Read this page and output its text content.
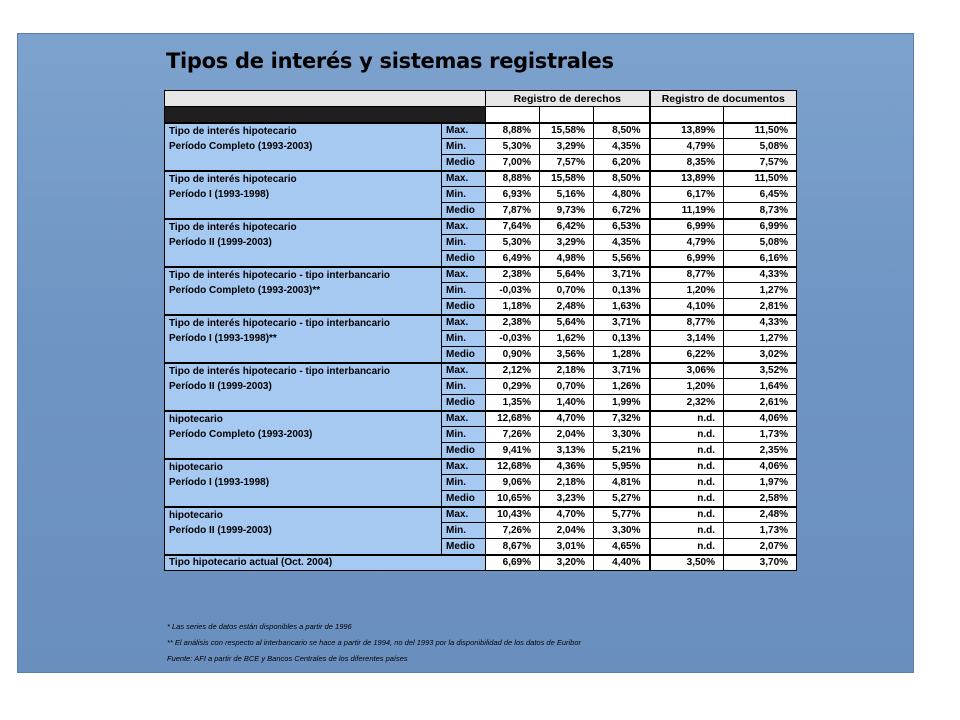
Tipos de interés y sistemas registrales
		Registro de derechos			Registro de documentos	
		RU *	España	Alemania	Italia *	Francia
Tipo de interés hipotecario	Max.	8,88%	15,58%	8,50%	13,89%	11,50%
Período Completo (1993-2003)	Min.	5,30%	3,29%	4,35%	4,79%	5,08%
	Medio	7,00%	7,57%	6,20%	8,35%	7,57%
Tipo de interés hipotecario	Max.	8,88%	15,58%	8,50%	13,89%	11,50%
Período I (1993-1998)	Min.	6,93%	5,16%	4,80%	6,17%	6,45%
	Medio	7,87%	9,73%	6,72%	11,19%	8,73%
Tipo de interés hipotecario	Max.	7,64%	6,42%	6,53%	6,99%	6,99%
Período II (1999-2003)	Min.	5,30%	3,29%	4,35%	4,79%	5,08%
	Medio	6,49%	4,98%	5,56%	6,99%	6,16%
Tipo de interés hipotecario - tipo interbancario	Max.	2,38%	5,64%	3,71%	8,77%	4,33%
Período Completo (1993-2003)**	Min.	-0,03%	0,70%	0,13%	1,20%	1,27%
	Medio	1,18%	2,48%	1,63%	4,10%	2,81%
Tipo de interés hipotecario - tipo interbancario	Max.	2,38%	5,64%	3,71%	8,77%	4,33%
Período I (1993-1998)**	Min.	-0,03%	1,62%	0,13%	3,14%	1,27%
	Medio	0,90%	3,56%	1,28%	6,22%	3,02%
Tipo de interés hipotecario - tipo interbancario	Max.	2,12%	2,18%	3,71%	3,06%	3,52%
Período II (1999-2003)	Min.	0,29%	0,70%	1,26%	1,20%	1,64%
	Medio	1,35%	1,40%	1,99%	2,32%	2,61%
hipotecario	Max.	12,68%	4,70%	7,32%	n.d.	4,06%
Período Completo (1993-2003)	Min.	7,26%	2,04%	3,30%	n.d.	1,73%
	Medio	9,41%	3,13%	5,21%	n.d.	2,35%
hipotecario	Max.	12,68%	4,36%	5,95%	n.d.	4,06%
Período I (1993-1998)	Min.	9,06%	2,18%	4,81%	n.d.	1,97%
	Medio	10,65%	3,23%	5,27%	n.d.	2,58%
hipotecario	Max.	10,43%	4,70%	5,77%	n.d.	2,48%
Período II (1999-2003)	Min.	7,26%	2,04%	3,30%	n.d.	1,73%
	Medio	8,67%	3,01%	4,65%	n.d.	2,07%
Tipo hipotecario actual (Oct. 2004)		6,69%	3,20%	4,40%	3,50%	3,70%
* Las series de datos están disponibles a partir de 1996
** El análisis con respecto al interbancario se hace a partir de 1994, no del 1993 por la disponibilidad de los datos de Euribor
Fuente: AFI a partir de BCE y Bancos Centrales de los diferentes países
